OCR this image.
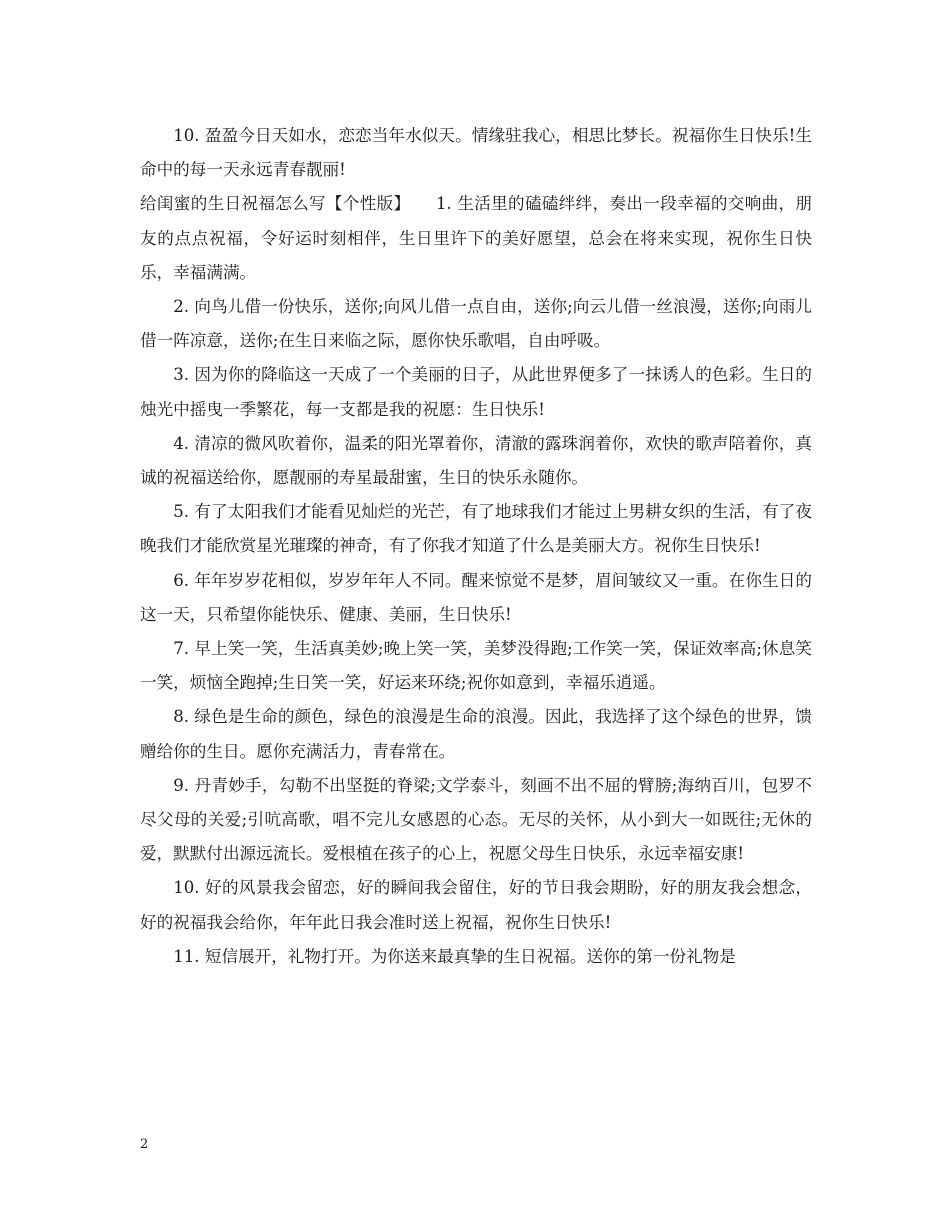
10. 盈盈今日天如水，恋恋当年水似天。情缘驻我心，相思比梦长。祝福你生日快乐!生命中的每一天永远青春靓丽!

给闺蜜的生日祝福怎么写【个性版】　　1. 生活里的磕磕绊绊，奏出一段幸福的交响曲，朋友的点点祝福，令好运时刻相伴，生日里许下的美好愿望，总会在将来实现，祝你生日快乐，幸福满满。

2. 向鸟儿借一份快乐，送你;向风儿借一点自由，送你;向云儿借一丝浪漫，送你;向雨儿借一阵凉意，送你;在生日来临之际，愿你快乐歌唱，自由呼吸。

3. 因为你的降临这一天成了一个美丽的日子，从此世界便多了一抹诱人的色彩。生日的烛光中摇曳一季繁花，每一支都是我的祝愿：生日快乐!

4. 清凉的微风吹着你，温柔的阳光罩着你，清澈的露珠润着你，欢快的歌声陪着你，真诚的祝福送给你，愿靓丽的寿星最甜蜜，生日的快乐永随你。

5. 有了太阳我们才能看见灿烂的光芒，有了地球我们才能过上男耕女织的生活，有了夜晚我们才能欣赏星光璀璨的神奇，有了你我才知道了什么是美丽大方。祝你生日快乐!

6. 年年岁岁花相似，岁岁年年人不同。醒来惊觉不是梦，眉间皱纹又一重。在你生日的这一天，只希望你能快乐、健康、美丽，生日快乐!

7. 早上笑一笑，生活真美妙;晚上笑一笑，美梦没得跑;工作笑一笑，保证效率高;休息笑一笑，烦恼全跑掉;生日笑一笑，好运来环绕;祝你如意到，幸福乐逍遥。

8. 绿色是生命的颜色，绿色的浪漫是生命的浪漫。因此，我选择了这个绿色的世界，馈赠给你的生日。愿你充满活力，青春常在。

9. 丹青妙手，勾勒不出坚挺的脊梁;文学泰斗，刻画不出不屈的臂膀;海纳百川，包罗不尽父母的关爱;引吭高歌，唱不完儿女感恩的心态。无尽的关怀，从小到大一如既往;无休的爱，默默付出源远流长。爱根植在孩子的心上，祝愿父母生日快乐，永远幸福安康!

10. 好的风景我会留恋，好的瞬间我会留住，好的节日我会期盼，好的朋友我会想念，好的祝福我会给你，年年此日我会准时送上祝福，祝你生日快乐!

11. 短信展开，礼物打开。为你送来最真挚的生日祝福。送你的第一份礼物是

2
